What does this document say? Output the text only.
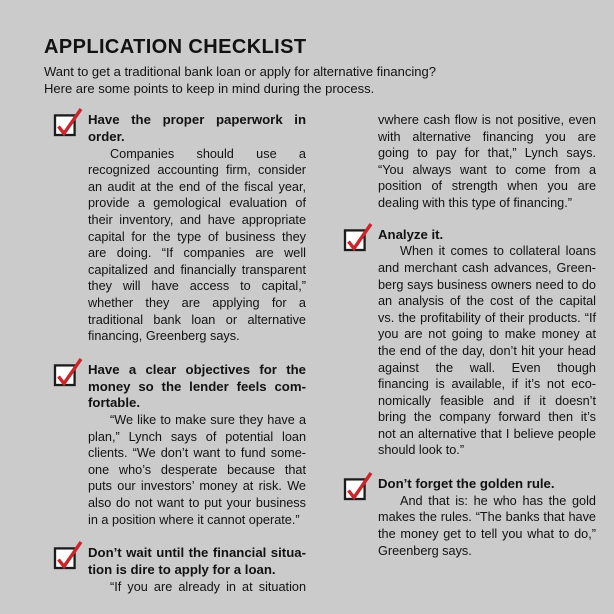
APPLICATION CHECKLIST

Want to get a traditional bank loan or apply for alternative financing?

Here are some points to keep in mind during the process.

Have the proper paperwork in order.

Companies should use a recognized accounting firm, consider an audit at the end of the fiscal year, provide a gemological evaluation of their inventory, and have appropriate capital for the type of business they are doing. “If companies are well capitalized and financially transparent they will have access to capital,” whether they are applying for a traditional bank loan or alternative financing, Greenberg says.

Have a clear objectives for the money so the lender feels comfortable.

“We like to make sure they have a plan,” Lynch says of potential loan clients. “We don’t want to fund someone who’s desperate because that puts our investors’ money at risk. We also do not want to put your business in a position where it cannot operate.”

Don’t wait until the financial situation is dire to apply for a loan.

“If you are already in at situation

vwhere cash flow is not positive, even with alternative financing you are going to pay for that,” Lynch says. “You always want to come from a position of strength when you are dealing with this type of financing.”

Analyze it.

When it comes to collateral loans and merchant cash advances, Greenberg says business owners need to do an analysis of the cost of the capital vs. the profitability of their products. “If you are not going to make money at the end of the day, don’t hit your head against the wall. Even though financing is available, if it’s not economically feasible and if it doesn’t bring the company forward then it’s not an alternative that I believe people should look to.”

Don’t forget the golden rule.

And that is: he who has the gold makes the rules. “The banks that have the money get to tell you what to do,” Greenberg says.
